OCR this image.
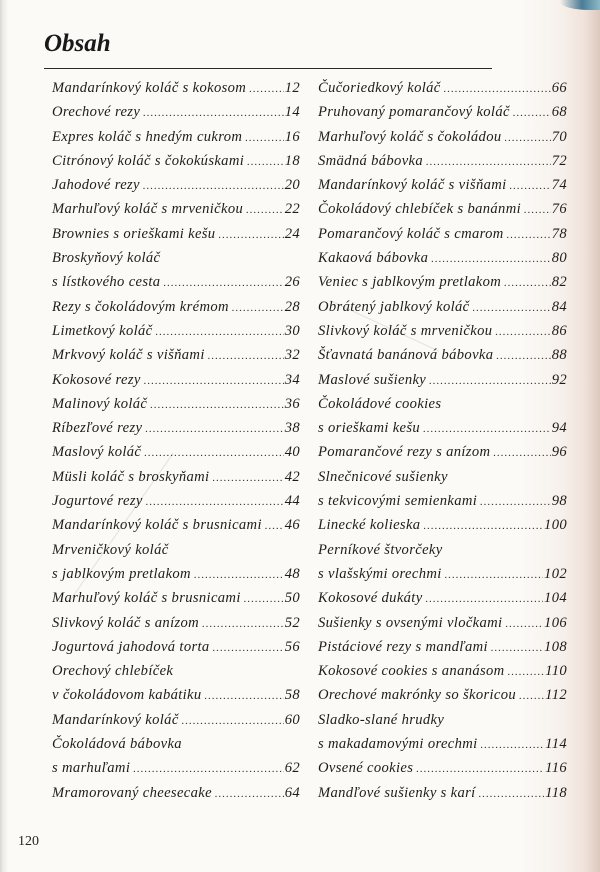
Obsah
Mandarínkový koláč s kokosom .....	12
Orechové rezy .....	14
Expres koláč s hnedým cukrom .....	16
Citrónový koláč s čokokúskami .....	18
Jahodové rezy .....	20
Marhuľový koláč s mrveničkou .....	22
Brownies s orieškami kešu .....	24
Broskyňový koláč
s lístkového cesta .....	26
Rezy s čokoládovým krémom .....	28
Limetkový koláč .....	30
Mrkvový koláč s višňami .....	32
Kokosové rezy .....	34
Malinový koláč .....	36
Ríbezľové rezy .....	38
Maslový koláč .....	40
Müsli koláč s broskyňami .....	42
Jogurtové rezy .....	44
Mandarínkový koláč s brusnicami ..... 46
Mrveničkový koláč
s jablkovým pretlakom .....	48
Marhuľový koláč s brusnicami .....	50
Slivkový koláč s anízom .....	52
Jogurtová jahodová torta .....	56
Orechový chlebíček
v čokoládovom kabátiku .....	58
Mandarínkový koláč .....	60
Čokoládová bábovka
s marhuľami .....	62
Mramorovaný cheesecake .....	64
Čučoriedkový koláč .....	66
Pruhovaný pomarančový koláč .....	68
Marhuľový koláč s čokoládou .....	70
Smädná bábovka .....	72
Mandarínkový koláč s višňami .....	74
Čokoládový chlebíček s banánmi ..... 76
Pomarančový koláč s cmarom .....	78
Kakaová bábovka .....	80
Veniec s jablkovým pretlakom .....	82
Obrátený jablkový koláč .....	84
Slivkový koláč s mrveničkou .....	86
Šťavnatá banánová bábovka .....	88
Maslové sušienky .....	92
Čokoládové cookies
s orieškami kešu .....	94
Pomarančové rezy s anízom .....	96
Slnečnicové sušienky
s tekvicovými semienkami .....	98
Linecké kolieska .....	100
Perníkové štvorčeky
s vlašskými orechmi .....	102
Kokosové dukáty .....	104
Sušienky s ovsenými vločkami .....	106
Pistáciové rezy s mandľami .....	108
Kokosové cookies s ananásom .....	110
Orechové makrónky so škoricou ..... 112
Sladko-slané hrudky
s makadamovými orechmi .....	114
Ovsené cookies .....	116
Mandľové sušienky s karí .....	118
120
